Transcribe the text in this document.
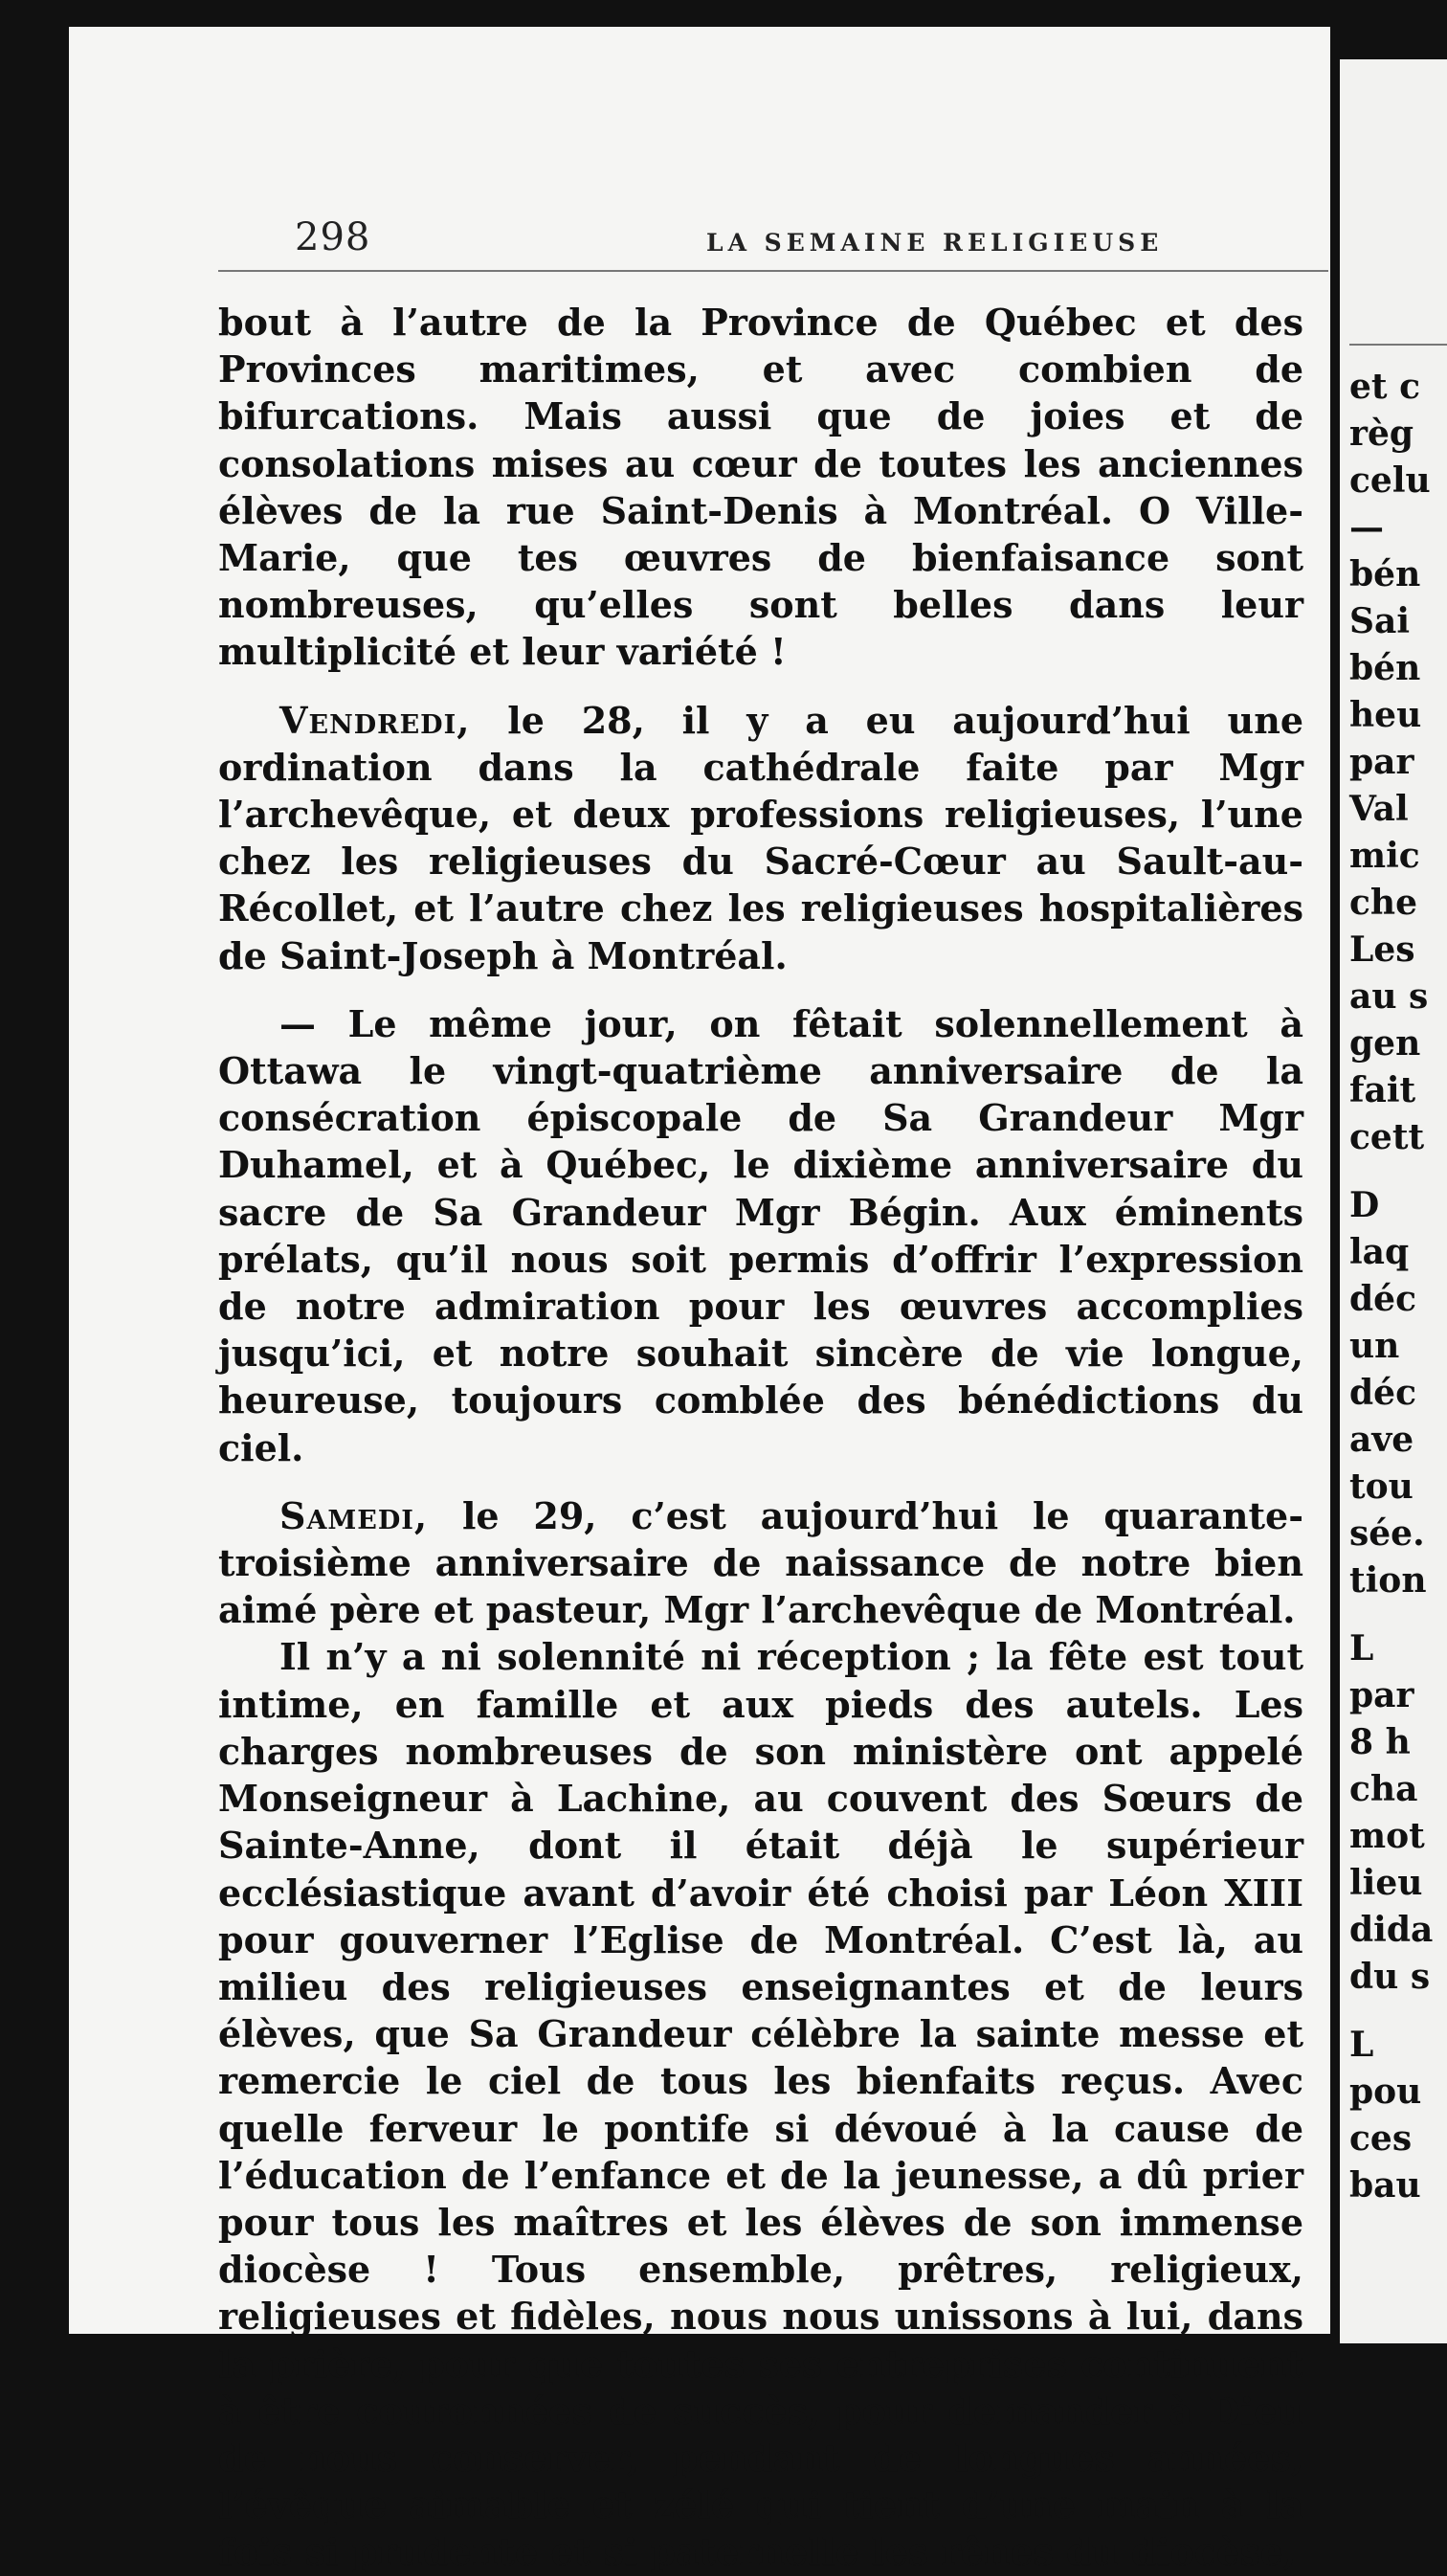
298	LA SEMAINE RELIGIEUSE

bout à l’autre de la Province de Québec et des Provinces maritimes, et avec combien de bifurcations. Mais aussi que de joies et de consolations mises au cœur de toutes les anciennes élèves de la rue Saint-Denis à Montréal. O Ville-Marie, que tes œuvres de bienfaisance sont nombreuses, qu’elles sont belles dans leur multiplicité et leur variété !

Vendredi, le 28, il y a eu aujourd’hui une ordination dans la cathédrale faite par Mgr l’archevêque, et deux professions religieuses, l’une chez les religieuses du Sacré-Cœur au Sault-au-Récollet, et l’autre chez les religieuses hospitalières de Saint-Joseph à Montréal.

— Le même jour, on fêtait solennellement à Ottawa le vingt-quatrième anniversaire de la consécration épiscopale de Sa Grandeur Mgr Duhamel, et à Québec, le dixième anniversaire du sacre de Sa Grandeur Mgr Bégin. Aux éminents prélats, qu’il nous soit permis d’offrir l’expression de notre admiration pour les œuvres accomplies jusqu’ici, et notre souhait sincère de vie longue, heureuse, toujours comblée des bénédictions du ciel.

Samedi, le 29, c’est aujourd’hui le quarante-troisième anniversaire de naissance de notre bien aimé père et pasteur, Mgr l’archevêque de Montréal.

Il n’y a ni solennité ni réception ; la fête est tout intime, en famille et aux pieds des autels. Les charges nombreuses de son ministère ont appelé Monseigneur à Lachine, au couvent des Sœurs de Sainte-Anne, dont il était déjà le supérieur ecclésiastique avant d’avoir été choisi par Léon XIII pour gouverner l’Eglise de Montréal. C’est là, au milieu des religieuses enseignantes et de leurs élèves, que Sa Grandeur célèbre la sainte messe et remercie le ciel de tous les bienfaits reçus. Avec quelle ferveur le pontife si dévoué à la cause de l’éducation de l’enfance et de la jeunesse, a dû prier pour tous les maîtres et les élèves de son immense diocèse ! Tous ensemble, prêtres, religieux, religieuses et fidèles, nous nous unissons à lui, dans la prière, pour que toutes ses entreprises continuent à être couronnées de succès, pour demander à Dieu de nous conserver, pendant de longues années, l’évêque aimable et zélé qui tient d’une main à la fois si prudente et si paternelle les rênes du diocèse,

et c
règ
celu
—
bén
Sai
bén
heu
par
Val
mic
che
Les
au s
gen
fait
cett
D
laq
déc
un
déc
ave
tou
sée.
tion
L
par
8 h
cha
mot
lieu
dida
du s
L
pou
ces
bau
